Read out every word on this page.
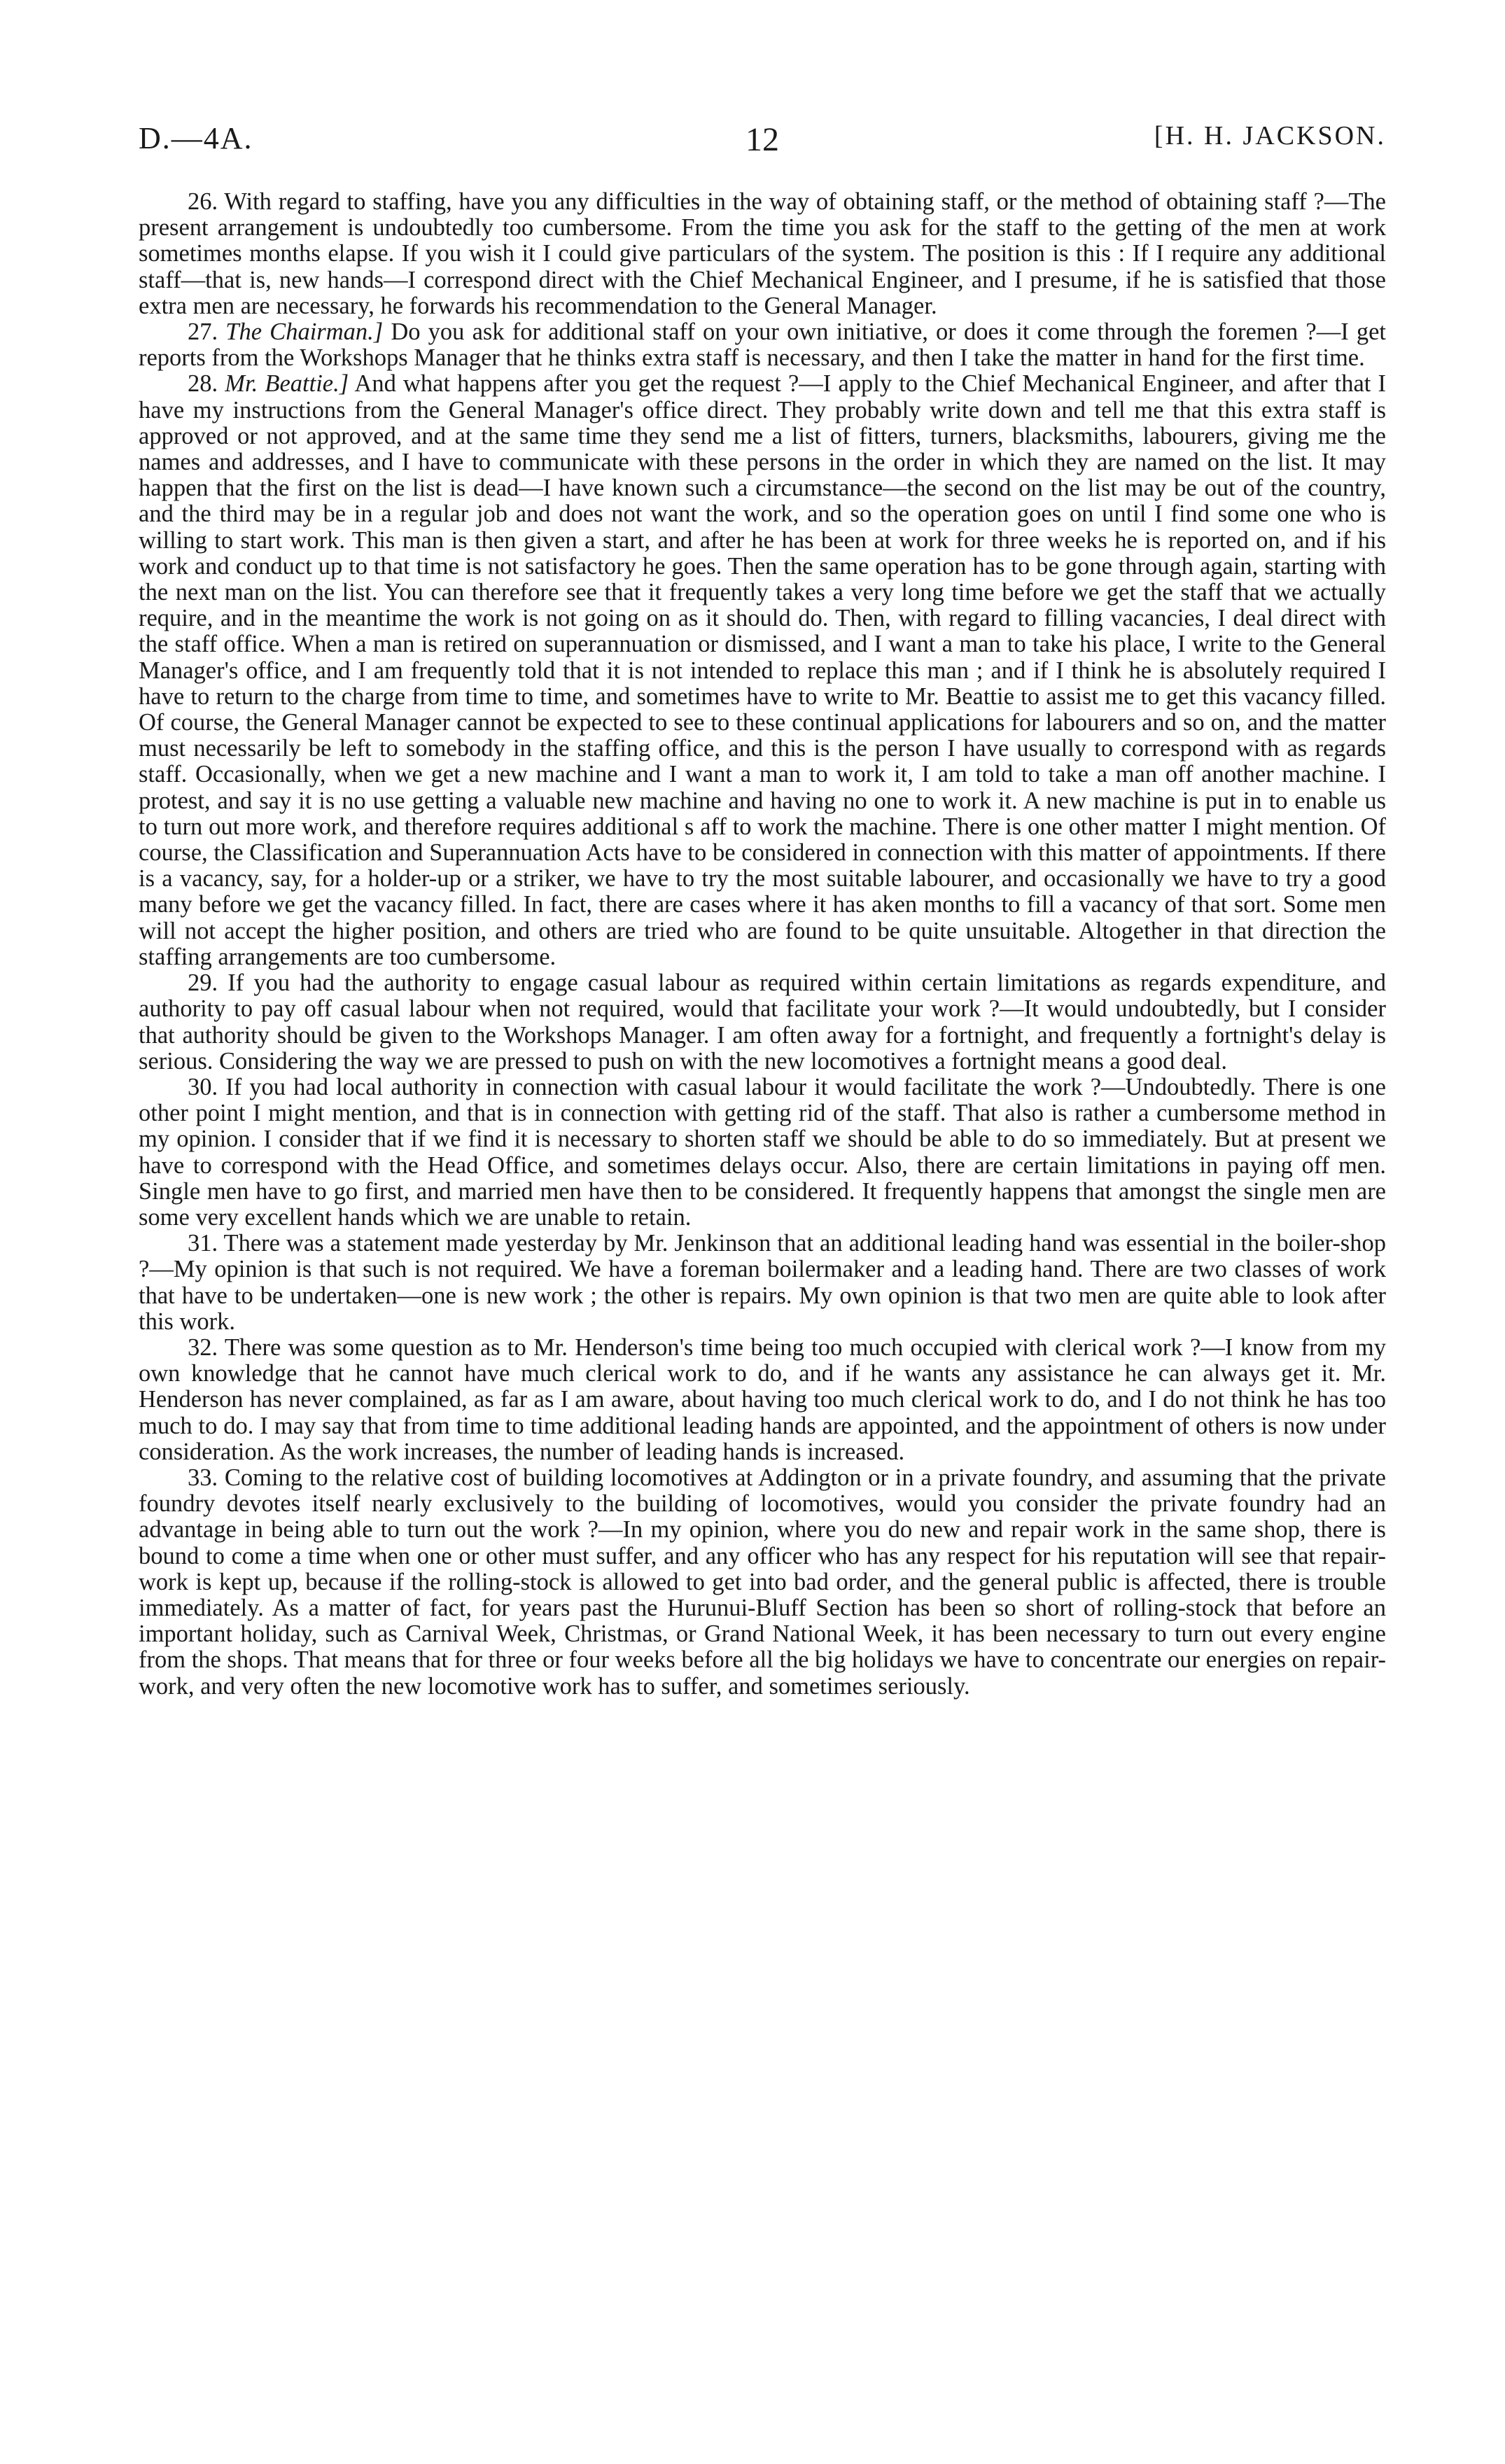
D.—4A.	12	[H. H. JACKSON.

26. With regard to staffing, have you any difficulties in the way of obtaining staff, or the method of obtaining staff ?—The present arrangement is undoubtedly too cumbersome. From the time you ask for the staff to the getting of the men at work sometimes months elapse. If you wish it I could give particulars of the system. The position is this : If I require any additional staff—that is, new hands—I correspond direct with the Chief Mechanical Engineer, and I presume, if he is satisfied that those extra men are necessary, he forwards his recommendation to the General Manager.

27. The Chairman.] Do you ask for additional staff on your own initiative, or does it come through the foremen ?—I get reports from the Workshops Manager that he thinks extra staff is necessary, and then I take the matter in hand for the first time.

28. Mr. Beattie.] And what happens after you get the request ?—I apply to the Chief Mechanical Engineer, and after that I have my instructions from the General Manager's office direct. They probably write down and tell me that this extra staff is approved or not approved, and at the same time they send me a list of fitters, turners, blacksmiths, labourers, giving me the names and addresses, and I have to communicate with these persons in the order in which they are named on the list. It may happen that the first on the list is dead—I have known such a circumstance—the second on the list may be out of the country, and the third may be in a regular job and does not want the work, and so the operation goes on until I find some one who is willing to start work. This man is then given a start, and after he has been at work for three weeks he is reported on, and if his work and conduct up to that time is not satisfactory he goes. Then the same operation has to be gone through again, starting with the next man on the list. You can therefore see that it frequently takes a very long time before we get the staff that we actually require, and in the meantime the work is not going on as it should do. Then, with regard to filling vacancies, I deal direct with the staff office. When a man is retired on superannuation or dismissed, and I want a man to take his place, I write to the General Manager's office, and I am frequently told that it is not intended to replace this man ; and if I think he is absolutely required I have to return to the charge from time to time, and sometimes have to write to Mr. Beattie to assist me to get this vacancy filled. Of course, the General Manager cannot be expected to see to these continual applications for labourers and so on, and the matter must necessarily be left to somebody in the staffing office, and this is the person I have usually to correspond with as regards staff. Occasionally, when we get a new machine and I want a man to work it, I am told to take a man off another machine. I protest, and say it is no use getting a valuable new machine and having no one to work it. A new machine is put in to enable us to turn out more work, and therefore requires additional s aff to work the machine. There is one other matter I might mention. Of course, the Classification and Superannuation Acts have to be considered in connection with this matter of appointments. If there is a vacancy, say, for a holder-up or a striker, we have to try the most suitable labourer, and occasionally we have to try a good many before we get the vacancy filled. In fact, there are cases where it has aken months to fill a vacancy of that sort. Some men will not accept the higher position, and others are tried who are found to be quite unsuitable. Altogether in that direction the staffing arrangements are too cumbersome.

29. If you had the authority to engage casual labour as required within certain limitations as regards expenditure, and authority to pay off casual labour when not required, would that facilitate your work ?—It would undoubtedly, but I consider that authority should be given to the Workshops Manager. I am often away for a fortnight, and frequently a fortnight's delay is serious. Considering the way we are pressed to push on with the new locomotives a fortnight means a good deal.

30. If you had local authority in connection with casual labour it would facilitate the work ?—Undoubtedly. There is one other point I might mention, and that is in connection with getting rid of the staff. That also is rather a cumbersome method in my opinion. I consider that if we find it is necessary to shorten staff we should be able to do so immediately. But at present we have to correspond with the Head Office, and sometimes delays occur. Also, there are certain limitations in paying off men. Single men have to go first, and married men have then to be considered. It frequently happens that amongst the single men are some very excellent hands which we are unable to retain.

31. There was a statement made yesterday by Mr. Jenkinson that an additional leading hand was essential in the boiler-shop ?—My opinion is that such is not required. We have a foreman boilermaker and a leading hand. There are two classes of work that have to be undertaken—one is new work ; the other is repairs. My own opinion is that two men are quite able to look after this work.

32. There was some question as to Mr. Henderson's time being too much occupied with clerical work ?—I know from my own knowledge that he cannot have much clerical work to do, and if he wants any assistance he can always get it. Mr. Henderson has never complained, as far as I am aware, about having too much clerical work to do, and I do not think he has too much to do. I may say that from time to time additional leading hands are appointed, and the appointment of others is now under consideration. As the work increases, the number of leading hands is increased.

33. Coming to the relative cost of building locomotives at Addington or in a private foundry, and assuming that the private foundry devotes itself nearly exclusively to the building of locomotives, would you consider the private foundry had an advantage in being able to turn out the work ?—In my opinion, where you do new and repair work in the same shop, there is bound to come a time when one or other must suffer, and any officer who has any respect for his reputation will see that repair-work is kept up, because if the rolling-stock is allowed to get into bad order, and the general public is affected, there is trouble immediately. As a matter of fact, for years past the Hurunui-Bluff Section has been so short of rolling-stock that before an important holiday, such as Carnival Week, Christmas, or Grand National Week, it has been necessary to turn out every engine from the shops. That means that for three or four weeks before all the big holidays we have to concentrate our energies on repair-work, and very often the new locomotive work has to suffer, and sometimes seriously.
